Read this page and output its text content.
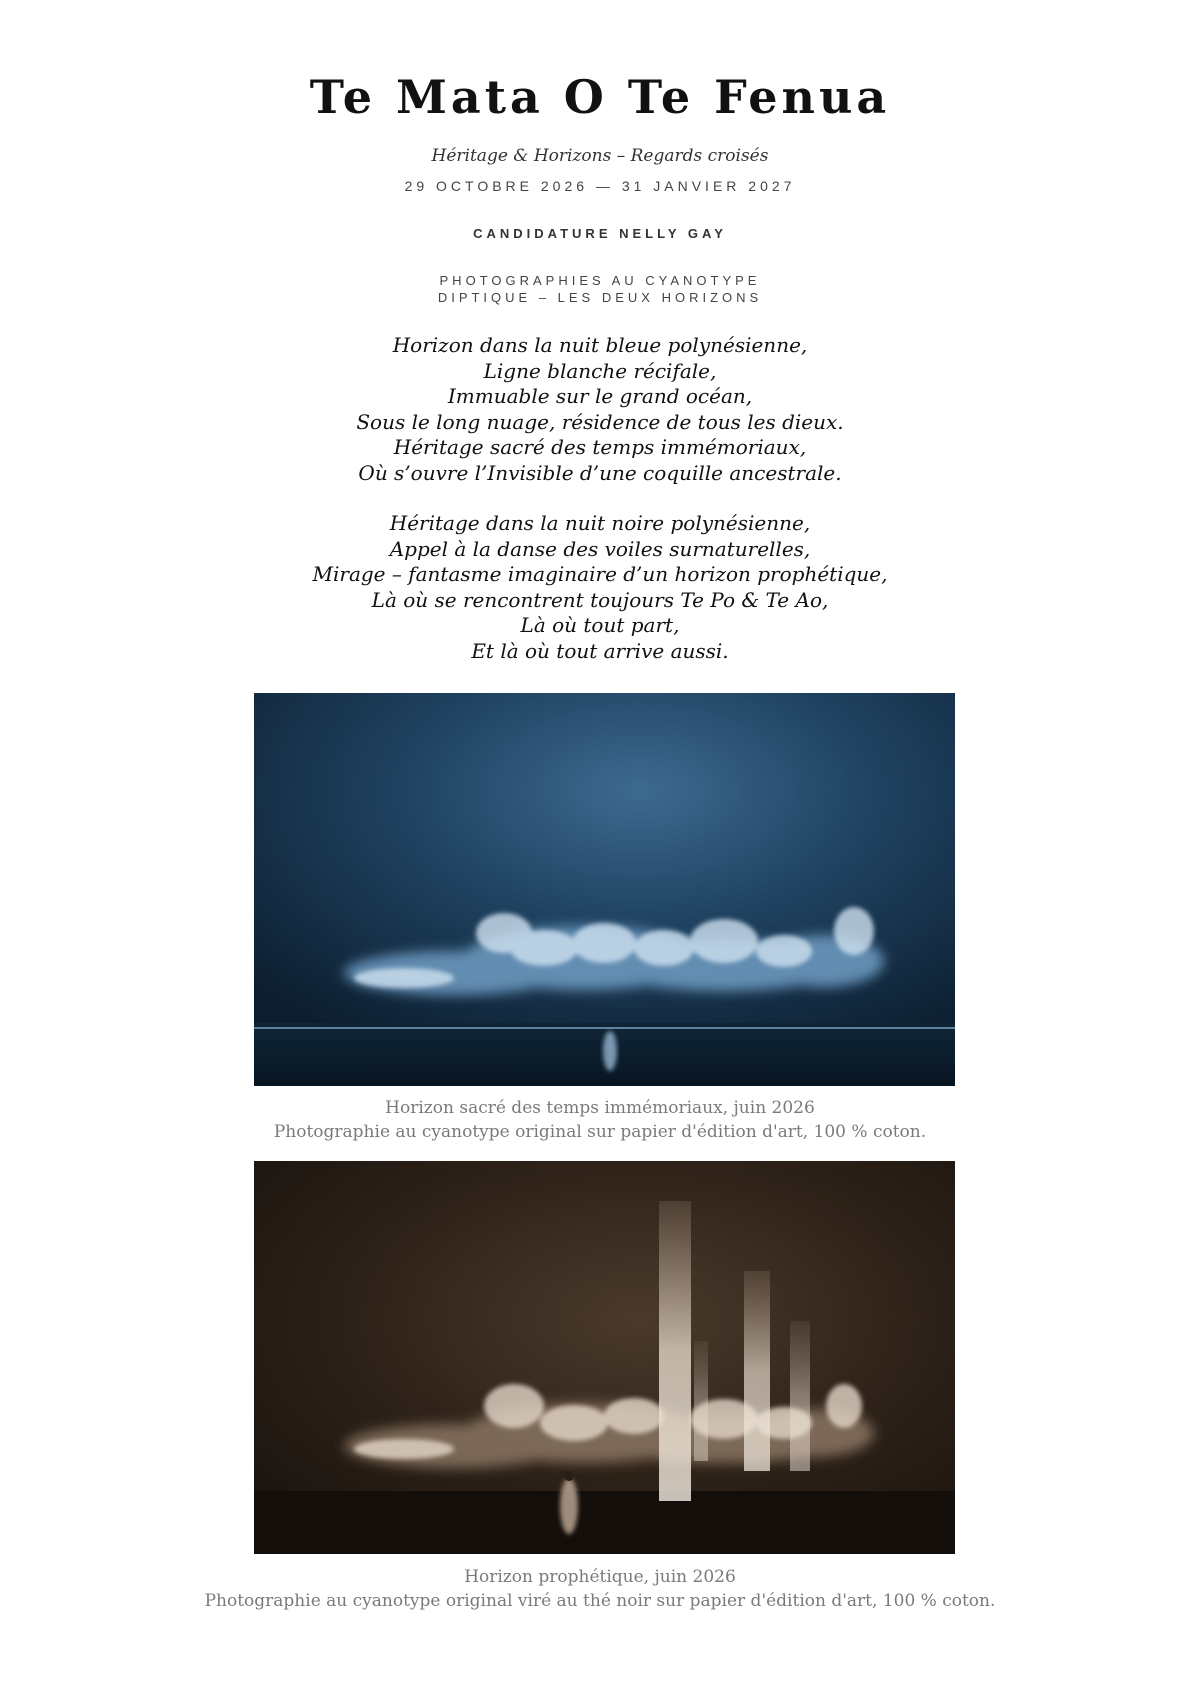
Te Mata O Te Fenua
Héritage & Horizons – Regards croisés
29 OCTOBRE 2026 — 31 JANVIER 2027
CANDIDATURE NELLY GAY
PHOTOGRAPHIES AU CYANOTYPE
DIPTIQUE – LES DEUX HORIZONS
Horizon dans la nuit bleue polynésienne,
Ligne blanche récifale,
Immuable sur le grand océan,
Sous le long nuage, résidence de tous les dieux.
Héritage sacré des temps immémoriaux,
Où s’ouvre l’Invisible d’une coquille ancestrale.
Héritage dans la nuit noire polynésienne,
Appel à la danse des voiles surnaturelles,
Mirage – fantasme imaginaire d’un horizon prophétique,
Là où se rencontrent toujours Te Po & Te Ao,
Là où tout part,
Et là où tout arrive aussi.
Horizon sacré des temps immémoriaux, juin 2026
Photographie au cyanotype original sur papier d'édition d'art, 100 % coton.
Horizon prophétique, juin 2026
Photographie au cyanotype original viré au thé noir sur papier d'édition d'art, 100 % coton.
